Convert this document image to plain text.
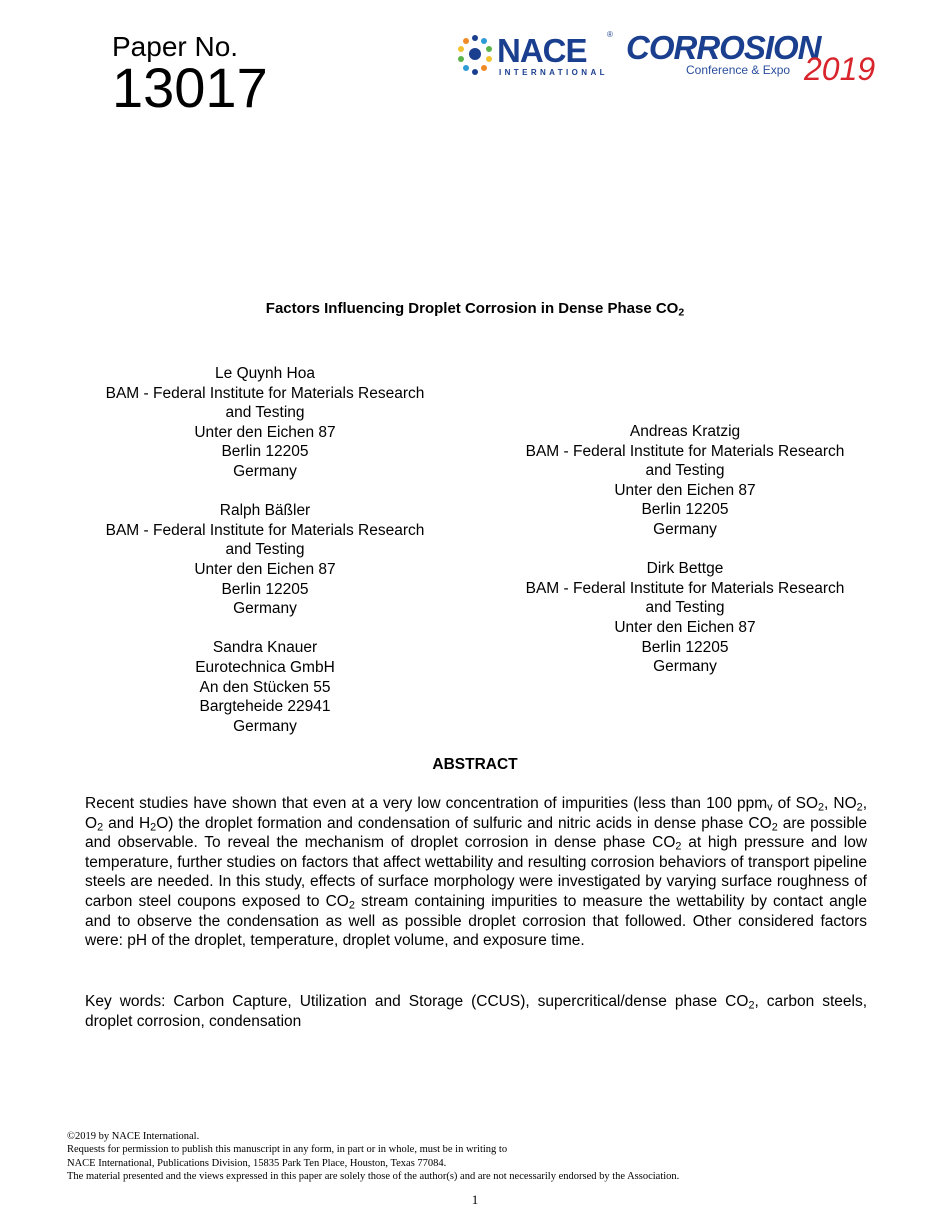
Paper No.
13017
NACE	®
INTERNATIONAL
CORROSION
Conference & Expo 2019
Factors Influencing Droplet Corrosion in Dense Phase $CO_2$
Le Quynh Hoa
BAM - Federal Institute for Materials Research
and Testing
Unter den Eichen 87
Berlin 12205
Germany
Ralph Bäßler
BAM - Federal Institute for Materials Research
and Testing
Unter den Eichen 87
Berlin 12205
Germany
Sandra Knauer
Eurotechnica GmbH
An den Stücken 55
Bargteheide 22941
Germany
Andreas Kratzig
BAM - Federal Institute for Materials Research
and Testing
Unter den Eichen 87
Berlin 12205
Germany
Dirk Bettge
BAM - Federal Institute for Materials Research
and Testing
Unter den Eichen 87
Berlin 12205
Germany
ABSTRACT
Recent studies have shown that even at a very low concentration of impurities (less than 100 ppm$_v$ of $SO_2$, $NO_2$, $O_2$ and $H_2O$) the droplet formation and condensation of sulfuric and nitric acids in dense phase $CO_2$ are possible and observable. To reveal the mechanism of droplet corrosion in dense phase $CO_2$ at high pressure and low temperature, further studies on factors that affect wettability and resulting corrosion behaviors of transport pipeline steels are needed. In this study, effects of surface morphology were investigated by varying surface roughness of carbon steel coupons exposed to $CO_2$ stream containing impurities to measure the wettability by contact angle and to observe the condensation as well as possible droplet corrosion that followed. Other considered factors were: pH of the droplet, temperature, droplet volume, and exposure time.
Key words: Carbon Capture, Utilization and Storage (CCUS), supercritical/dense phase $CO_2$, carbon steels, droplet corrosion, condensation
©2019 by NACE International.
Requests for permission to publish this manuscript in any form, in part or in whole, must be in writing to
NACE International, Publications Division, 15835 Park Ten Place, Houston, Texas 77084.
The material presented and the views expressed in this paper are solely those of the author(s) and are not necessarily endorsed by the Association.
1
